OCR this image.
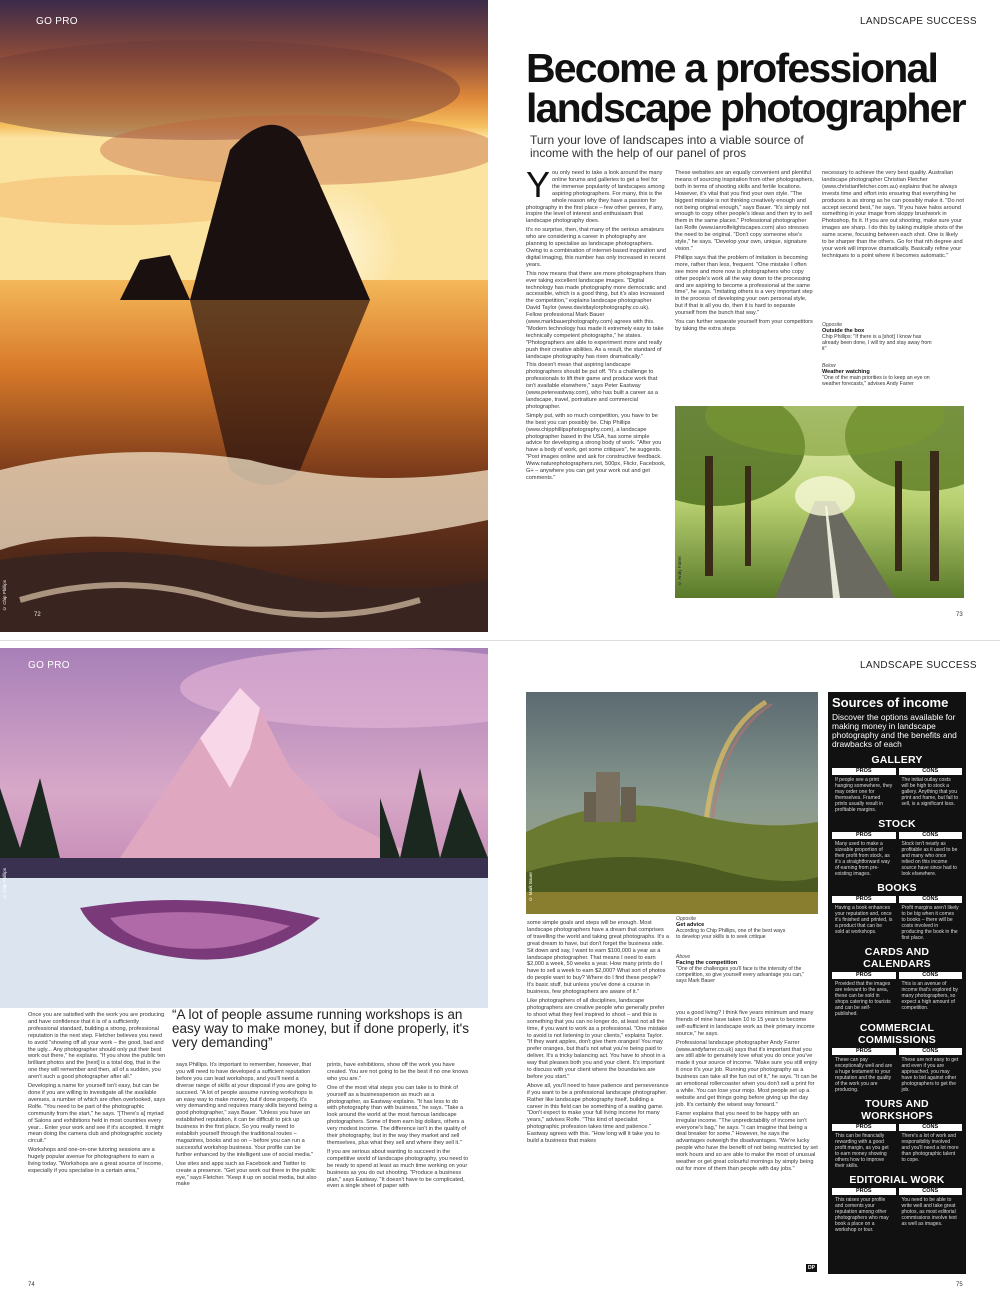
© Chip Phillips
72
GO PRO	LANDSCAPE SUCCESS
Become a professional landscape photographer
Turn your love of landscapes into a viable source of income with the help of our panel of pros
Y ou only need to take a look around the many online forums and galleries to get a feel for the immense popularity of landscapes among aspiring photographers. For many, this is the whole reason why they have a passion for photography in the first place – few other genres, if any, inspire the level of interest and enthusiasm that landscape photography does.

It's no surprise, then, that many of the serious amateurs who are considering a career in photography are planning to specialise as landscape photographers. Owing to a combination of internet-based inspiration and digital imaging, this number has only increased in recent years.

This now means that there are more photographers than ever taking excellent landscape images. "Digital technology has made photography more democratic and accessible, which is a good thing, but it's also increased the competition," explains landscape photographer David Taylor (www.davidtaylorphotography.co.uk). Fellow professional Mark Bauer (www.markbauerphotography.com) agrees with this. "Modern technology has made it extremely easy to take technically competent photographs," he states. "Photographers are able to experiment more and really push their creative abilities. As a result, the standard of landscape photography has risen dramatically."

This doesn't mean that aspiring landscape photographers should be put off. "It's a challenge to professionals to lift their game and produce work that isn't available elsewhere," says Peter Eastway (www.petereastway.com), who has built a career as a landscape, travel, portraiture and commercial photographer.

Simply put, with so much competition, you have to be the best you can possibly be. Chip Phillips (www.chipphillipsphotography.com), a landscape photographer based in the USA, has some simple advice for developing a strong body of work. "After you have a body of work, get some critiques", he suggests. "Post images online and ask for constructive feedback. Www.naturephotographers.net, 500px, Flickr, Facebook, G+ – anywhere you can get your work out and get comments."

These websites are an equally convenient and plentiful means of sourcing inspiration from other photographers, both in terms of shooting skills and fertile locations. However, it's vital that you find your own style. "The biggest mistake is not thinking creatively enough and not being original enough," says Bauer. "It's simply not enough to copy other people's ideas and then try to sell them in the same places." Professional photographer Ian Rolfe (www.ianrolfelightscapes.com) also stresses the need to be original. "Don't copy someone else's style," he says. "Develop your own, unique, signature vision."

Phillips says that the problem of imitation is becoming more, rather than less, frequent. "One mistake I often see more and more now is photographers who copy other people's work all the way down to the processing and are aspiring to become a professional at the same time", he says. "Imitating others is a very important step in the process of developing your own personal style, but if that is all you do, then it is hard to separate yourself from the bunch that way."

You can further separate yourself from your competitors by taking the extra steps

necessary to achieve the very best quality. Australian landscape photographer Christian Fletcher (www.christianfletcher.com.au) explains that he always invests time and effort into ensuring that everything he produces is as strong as he can possibly make it. "Do not accept second best," he says. "If you have halos around something in your image from sloppy brushwork in Photoshop, fix it. If you are out shooting, make sure your images are sharp. I do this by taking multiple shots of the same scene, focusing between each shot. One is likely to be sharper than the others. Go for that nth degree and your work will improve dramatically. Basically refine your techniques to a point where it becomes automatic."

Opposite
Outside the box
Chip Phillips: "If there is a [shot] I know has already been done, I will try and stay away from it"
Below
Weather watching
"One of the main priorities is to keep an eye on weather forecasts," advises Andy Farrer
© Andy Farrer
73
© Chip Phillips
GO PRO	LANDSCAPE SUCCESS
“A lot of people assume running workshops is an easy way to make money, but if done properly, it's very demanding”

Once you are satisfied with the work you are producing and have confidence that it is of a sufficiently professional standard, building a strong, professional reputation is the next step. Fletcher believes you need to avoid "showing off all your work – the good, bad and the ugly... Any photographer should only put their best work out there," he explains. "If you show the public ten brilliant photos and the [next] is a total dog, that is the one they will remember and then, all of a sudden, you aren't such a good photographer after all."

Developing a name for yourself isn't easy, but can be done if you are willing to investigate all the available avenues, a number of which are often overlooked, says Rolfe. "You need to be part of the photographic community from the start," he says. "[There's a] myriad of Salons and exhibitions held in most countries every year... Enter your work and see if it's accepted. It might mean doing the camera club and photographic society circuit."

Workshops and one-on-one tutoring sessions are a hugely popular avenue for photographers to earn a living today. "Workshops are a great source of income, especially if you specialise in a certain area,"

says Phillips. It's important to remember, however, that you will need to have developed a sufficient reputation before you can lead workshops, and you'll need a diverse range of skills at your disposal if you are going to succeed. "A lot of people assume running workshops is an easy way to make money, but if done properly, it's very demanding and requires many skills beyond being a good photographer," says Bauer. "Unless you have an established reputation, it can be difficult to pick up business in the first place. So you really need to establish yourself through the traditional routes – magazines, books and so on – before you can run a successful workshop business. Your profile can be further enhanced by the intelligent use of social media."

Use sites and apps such as Facebook and Twitter to create a presence. "Get your work out there in the public eye," says Fletcher. "Keep it up on social media, but also make

prints, have exhibitions, show off the work you have created. You are not going to be the best if no one knows who you are."

One of the most vital steps you can take is to think of yourself as a businessperson as much as a photographer, as Eastway explains. "It has less to do with photography than with business," he says. "Take a look around the world at the most famous landscape photographers. Some of them earn big dollars, others a very modest income. The difference isn't in the quality of their photography, but in the way they market and sell themselves, plus what they sell and where they sell it."

If you are serious about wanting to succeed in the competitive world of landscape photography, you need to be ready to spend at least as much time working on your business as you do out shooting. "Produce a business plan," says Eastway. "It doesn't have to be complicated, even a single sheet of paper with

74
© Mark Bauer
Opposite
Get advice
According to Chip Phillips, one of the best ways to develop your skills is to seek critique
Above
Facing the competition
"One of the challenges you'll face is the intensity of the competition, so give yourself every advantage you can," says Mark Bauer

some simple goals and steps will be enough. Most landscape photographers have a dream that comprises of travelling the world and taking great photographs. It's a great dream to have, but don't forget the business side. Sit down and say, I want to earn $100,000 a year as a landscape photographer. That means I need to earn $2,000 a week, 50 weeks a year. How many prints do I have to sell a week to earn $2,000? What sort of photos do people want to buy? Where do I find these people? It's basic stuff, but unless you've done a course in business, few photographers are aware of it."

Like photographers of all disciplines, landscape photographers are creative people who generally prefer to shoot what they feel inspired to shoot – and this is something that you can no longer do, at least not all the time, if you want to work as a professional. "One mistake to avoid is not listening to your clients," explains Taylor. "If they want apples, don't give them oranges! You may prefer oranges, but that's not what you're being paid to deliver. It's a tricky balancing act. You have to shoot in a way that pleases both you and your client. It's important to discuss with your client where the boundaries are before you start."

Above all, you'll need to have patience and perseverance if you want to be a professional landscape photographer. Rather like landscape photography itself, building a career in this field can be something of a waiting game. "Don't expect to make your full living income for many years," advises Rolfe. "This kind of specialist photographic profession takes time and patience." Eastway agrees with this. "How long will it take you to build a business that makes

you a good living? I think five years minimum and many friends of mine have taken 10 to 15 years to become self-sufficient in landscape work as their primary income source," he says.

Professional landscape photographer Andy Farrer (www.andyfarrer.co.uk) says that it's important that you are still able to genuinely love what you do once you've made it your source of income. "Make sure you still enjoy it once it's your job. Running your photography as a business can take all the fun out of it," he says. "It can be an emotional rollercoaster when you don't sell a print for a while. You can lose your mojo. Most people set up a website and get things going before giving up the day job. It's certainly the wisest way forward."

Farrer explains that you need to be happy with an irregular income. "The unpredictability of income isn't everyone's bag," he says. "I can imagine that being a deal breaker for some." However, he says the advantages outweigh the disadvantages. "We're lucky people who have the benefit of not being restricted by set work hours and so are able to make the most of unusual weather or get great colourful mornings by simply being out for more of them than people with day jobs."

DP
Sources of income
Discover the options available for making money in landscape photography and the benefits and drawbacks of each
GALLERY
PROS
If people see a print hanging somewhere, they may order one for themselves. Framed prints usually result in profitable margins.
CONS
The initial outlay costs will be high to stock a gallery. Anything that you print and frame, but fail to sell, is a significant loss.
STOCK
PROS
Many used to make a sizeable proportion of their profit from stock, as it's a straightforward way of earning from pre-existing images.
CONS
Stock isn't nearly as profitable as it used to be and many who once relied on this income source have since had to look elsewhere.
BOOKS
PROS
Having a book enhances your reputation and, once it's finished and printed, is a product that can be sold at workshops.
CONS
Profit margins aren't likely to be big when it comes to books – there will be costs involved in producing the book in the first place.
CARDS AND CALENDARS
PROS
Provided that the images are relevant to the area, these can be sold in shops catering to tourists and can be self-published.
CONS
This is an avenue of income that's explored by many photographers, so expect a high amount of competition.
COMMERCIAL COMMISSIONS
PROS
These can pay exceptionally well and are a huge testament to your reputation and the quality of the work you are producing.
CONS
These are not easy to get and even if you are approached, you may have to bid against other photographers to get the job.
TOURS AND WORKSHOPS
PROS
This can be financially rewarding with a good profit margin, as you get to earn money showing others how to improve their skills.
CONS
There's a lot of work and responsibility involved and you'll need a lot more than photographic talent to cope.
EDITORIAL WORK
PROS
This raises your profile and cements your reputation among other photographers who may book a place on a workshop or tour.
CONS
You need to be able to write well and take great photos, as most editorial commissions involve text as well as images.
75
